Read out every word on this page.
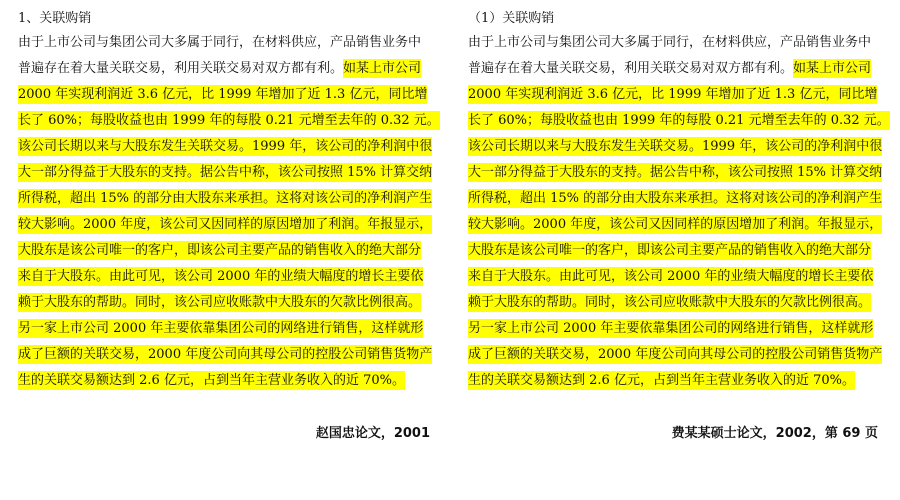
1、关联购销
由于上市公司与集团公司大多属于同行，在材料供应，产品销售业务中
普遍存在着大量关联交易，利用关联交易对双方都有利。如某上市公司
2000 年实现利润近 3.6 亿元，比 1999 年增加了近 1.3 亿元，同比增
长了 60%；每股收益也由 1999 年的每股 0.21 元增至去年的 0.32 元。
该公司长期以来与大股东发生关联交易。1999 年，该公司的净利润中很
大一部分得益于大股东的支持。据公告中称，该公司按照 15% 计算交纳
所得税，超出 15% 的部分由大股东来承担。这将对该公司的净利润产生
较大影响。2000 年度，该公司又因同样的原因增加了利润。年报显示，
大股东是该公司唯一的客户，即该公司主要产品的销售收入的绝大部分
来自于大股东。由此可见，该公司 2000 年的业绩大幅度的增长主要依
赖于大股东的帮助。同时，该公司应收账款中大股东的欠款比例很高。
另一家上市公司 2000 年主要依靠集团公司的网络进行销售，这样就形
成了巨额的关联交易，2000 年度公司向其母公司的控股公司销售货物产
生的关联交易额达到 2.6 亿元，占到当年主营业务收入的近 70%。
（1）关联购销
由于上市公司与集团公司大多属于同行，在材料供应，产品销售业务中
普遍存在着大量关联交易，利用关联交易对双方都有利。如某上市公司
2000 年实现利润近 3.6 亿元，比 1999 年增加了近 1.3 亿元，同比增
长了 60%；每股收益也由 1999 年的每股 0.21 元增至去年的 0.32 元。
该公司长期以来与大股东发生关联交易。1999 年，该公司的净利润中很
大一部分得益于大股东的支持。据公告中称，该公司按照 15% 计算交纳
所得税，超出 15% 的部分由大股东来承担。这将对该公司的净利润产生
较大影响。2000 年度，该公司又因同样的原因增加了利润。年报显示，
大股东是该公司唯一的客户，即该公司主要产品的销售收入的绝大部分
来自于大股东。由此可见，该公司 2000 年的业绩大幅度的增长主要依
赖于大股东的帮助。同时，该公司应收账款中大股东的欠款比例很高。
另一家上市公司 2000 年主要依靠集团公司的网络进行销售，这样就形
成了巨额的关联交易，2000 年度公司向其母公司的控股公司销售货物产
生的关联交易额达到 2.6 亿元，占到当年主营业务收入的近 70%。
赵国忠论文，2001	费某某硕士论文，2002，第 69 页
